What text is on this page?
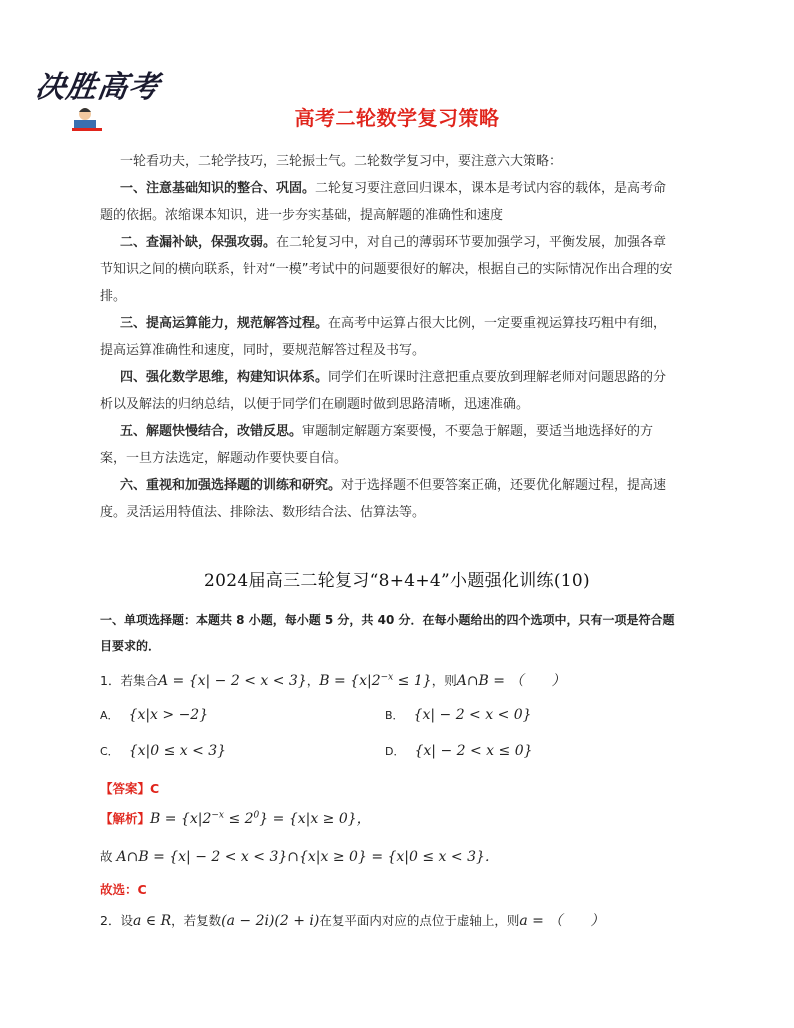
决胜高考
高考二轮数学复习策略
一轮看功夫，二轮学技巧，三轮振士气。二轮数学复习中，要注意六大策略：
一、注意基础知识的整合、巩固。二轮复习要注意回归课本，课本是考试内容的载体，是高考命题的依据。浓缩课本知识，进一步夯实基础，提高解题的准确性和速度
二、查漏补缺，保强攻弱。在二轮复习中，对自己的薄弱环节要加强学习，平衡发展，加强各章节知识之间的横向联系，针对“一模”考试中的问题要很好的解决，根据自己的实际情况作出合理的安排。
三、提高运算能力，规范解答过程。在高考中运算占很大比例，一定要重视运算技巧粗中有细，提高运算准确性和速度，同时，要规范解答过程及书写。
四、强化数学思维，构建知识体系。同学们在听课时注意把重点要放到理解老师对问题思路的分析以及解法的归纳总结，以便于同学们在刷题时做到思路清晰，迅速准确。
五、解题快慢结合，改错反思。审题制定解题方案要慢，不要急于解题，要适当地选择好的方案，一旦方法选定，解题动作要快要自信。
六、重视和加强选择题的训练和研究。对于选择题不但要答案正确，还要优化解题过程，提高速度。灵活运用特值法、排除法、数形结合法、估算法等。
2024届高三二轮复习“8+4+4”小题强化训练(10)
一、单项选择题：本题共 8 小题，每小题 5 分，共 40 分．在每小题给出的四个选项中，只有一项是符合题目要求的．
1．若集合A = {x| − 2 < x < 3}，$B = \{x|2^{-x} \le 1\}$，则A∩B = （　　）
A． {x|x > −2}	B． {x| − 2 < x < 0}
C． {x|0 ≤ x < 3}	D． {x| − 2 < x ≤ 0}
【答案】C
【解析】$B = \{x|2^{-x} \le 2^0\} = \{x|x \ge 0\}$，
故 A∩B = {x| − 2 < x < 3}∩{x|x ≥ 0} = {x|0 ≤ x < 3}．
故选：C
2．设a ∈ R，若复数(a − 2i)(2 + i)在复平面内对应的点位于虚轴上，则a = （　　）
